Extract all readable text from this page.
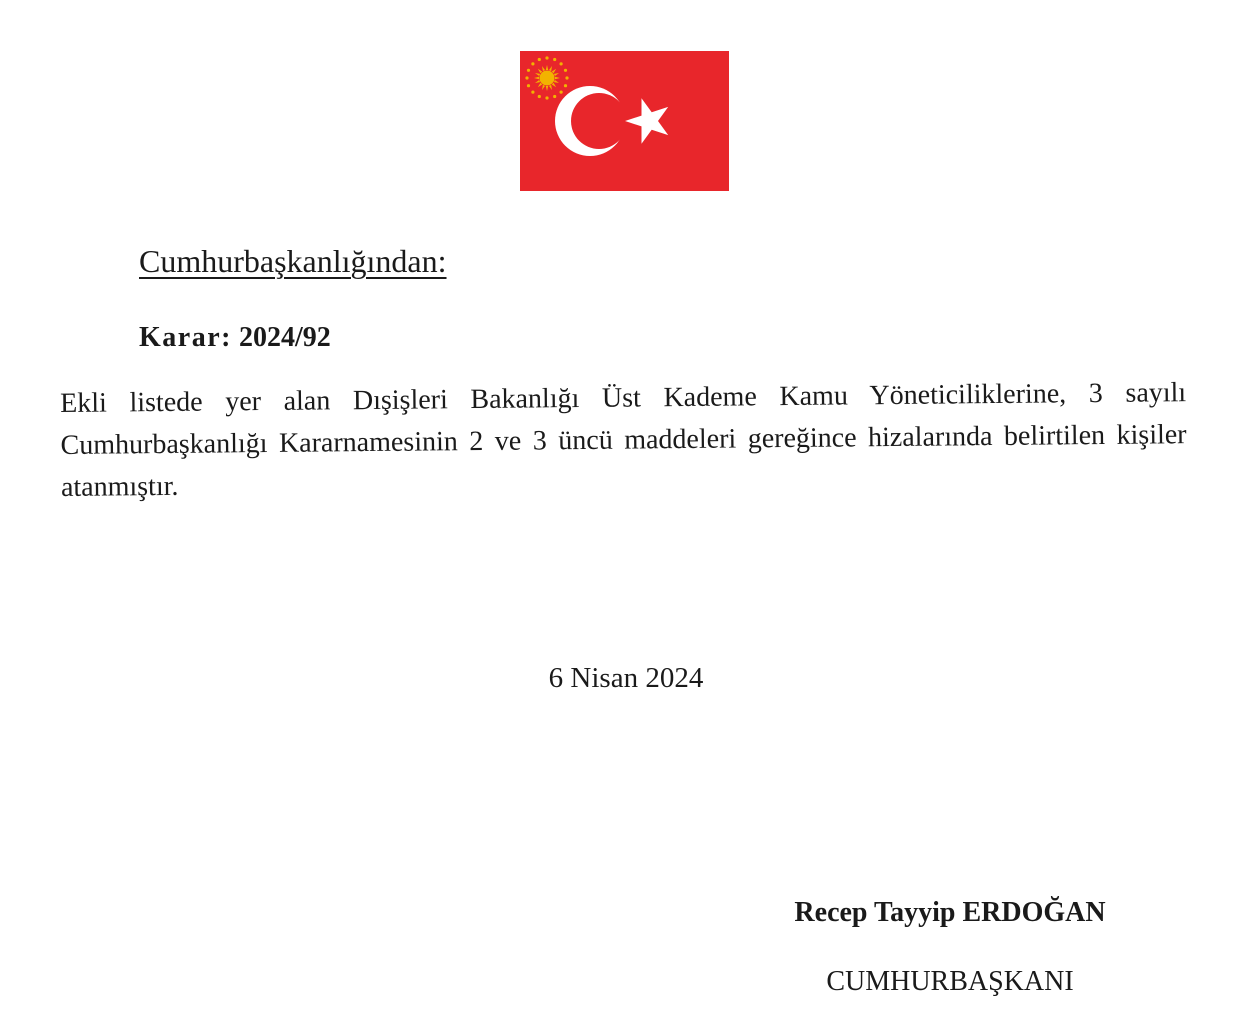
Cumhurbaşkanlığından:
Karar: 2024/92
Ekli listede yer alan Dışişleri Bakanlığı Üst Kademe Kamu Yöneticiliklerine, 3 sayılı Cumhurbaşkanlığı Kararnamesinin 2 ve 3 üncü maddeleri gereğince hizalarında belirtilen kişiler atanmıştır.
6 Nisan 2024
Recep Tayyip ERDOĞAN
CUMHURBAŞKANI
